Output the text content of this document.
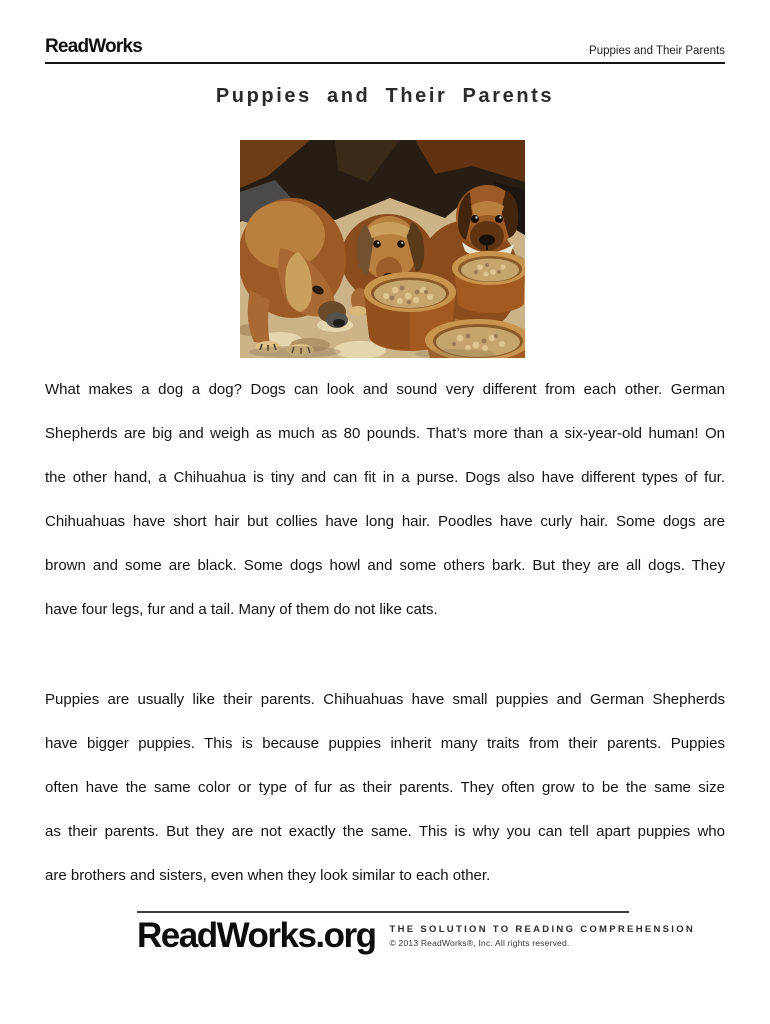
ReadWorks	Puppies and Their Parents
Puppies and Their Parents
What makes a dog a dog? Dogs can look and sound very different from each other. German
Shepherds are big and weigh as much as 80 pounds. That’s more than a six-year-old human! On
the other hand, a Chihuahua is tiny and can fit in a purse. Dogs also have different types of fur.
Chihuahuas have short hair but collies have long hair. Poodles have curly hair. Some dogs are
brown and some are black. Some dogs howl and some others bark. But they are all dogs. They
have four legs, fur and a tail. Many of them do not like cats.
Puppies are usually like their parents. Chihuahuas have small puppies and German Shepherds
have bigger puppies. This is because puppies inherit many traits from their parents. Puppies
often have the same color or type of fur as their parents. They often grow to be the same size
as their parents. But they are not exactly the same. This is why you can tell apart puppies who
are brothers and sisters, even when they look similar to each other.
ReadWorks.org THE SOLUTION TO READING COMPREHENSION
© 2013 ReadWorks®, Inc. All rights reserved.
